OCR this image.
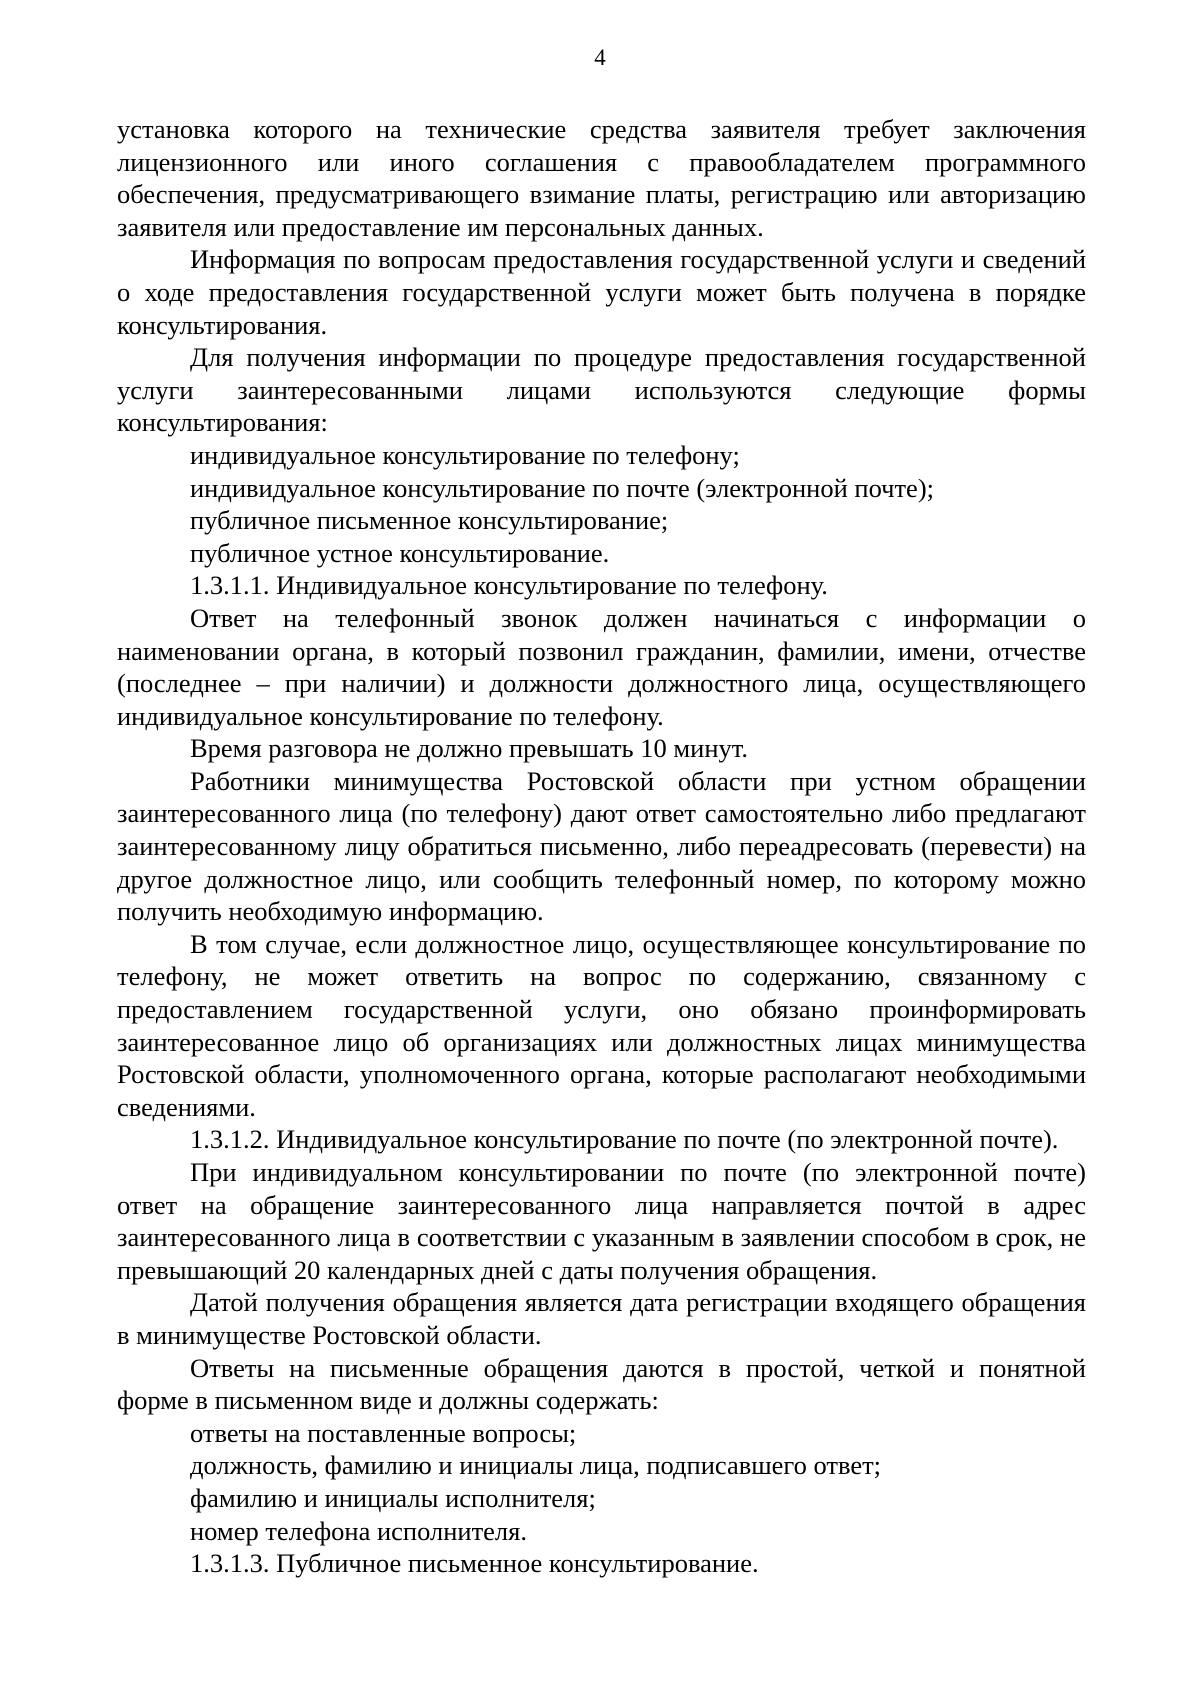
4

установка которого на технические средства заявителя требует заключения лицензионного или иного соглашения с правообладателем программного обеспечения, предусматривающего взимание платы, регистрацию или авторизацию заявителя или предоставление им персональных данных.

Информация по вопросам предоставления государственной услуги и сведений о ходе предоставления государственной услуги может быть получена в порядке консультирования.

Для получения информации по процедуре предоставления государственной услуги заинтересованными лицами используются следующие формы консультирования:

индивидуальное консультирование по телефону;

индивидуальное консультирование по почте (электронной почте);

публичное письменное консультирование;

публичное устное консультирование.

1.3.1.1. Индивидуальное консультирование по телефону.

Ответ на телефонный звонок должен начинаться с информации о наименовании органа, в который позвонил гражданин, фамилии, имени, отчестве (последнее – при наличии) и должности должностного лица, осуществляющего индивидуальное консультирование по телефону.

Время разговора не должно превышать 10 минут.

Работники минимущества Ростовской области при устном обращении заинтересованного лица (по телефону) дают ответ самостоятельно либо предлагают заинтересованному лицу обратиться письменно, либо переадресовать (перевести) на другое должностное лицо, или сообщить телефонный номер, по которому можно получить необходимую информацию.

В том случае, если должностное лицо, осуществляющее консультирование по телефону, не может ответить на вопрос по содержанию, связанному с предоставлением государственной услуги, оно обязано проинформировать заинтересованное лицо об организациях или должностных лицах минимущества Ростовской области, уполномоченного органа, которые располагают необходимыми сведениями.

1.3.1.2. Индивидуальное консультирование по почте (по электронной почте).

При индивидуальном консультировании по почте (по электронной почте) ответ на обращение заинтересованного лица направляется почтой в адрес заинтересованного лица в соответствии с указанным в заявлении способом в срок, не превышающий 20 календарных дней с даты получения обращения.

Датой получения обращения является дата регистрации входящего обращения в минимуществе Ростовской области.

Ответы на письменные обращения даются в простой, четкой и понятной форме в письменном виде и должны содержать:

ответы на поставленные вопросы;

должность, фамилию и инициалы лица, подписавшего ответ;

фамилию и инициалы исполнителя;

номер телефона исполнителя.

1.3.1.3. Публичное письменное консультирование.
